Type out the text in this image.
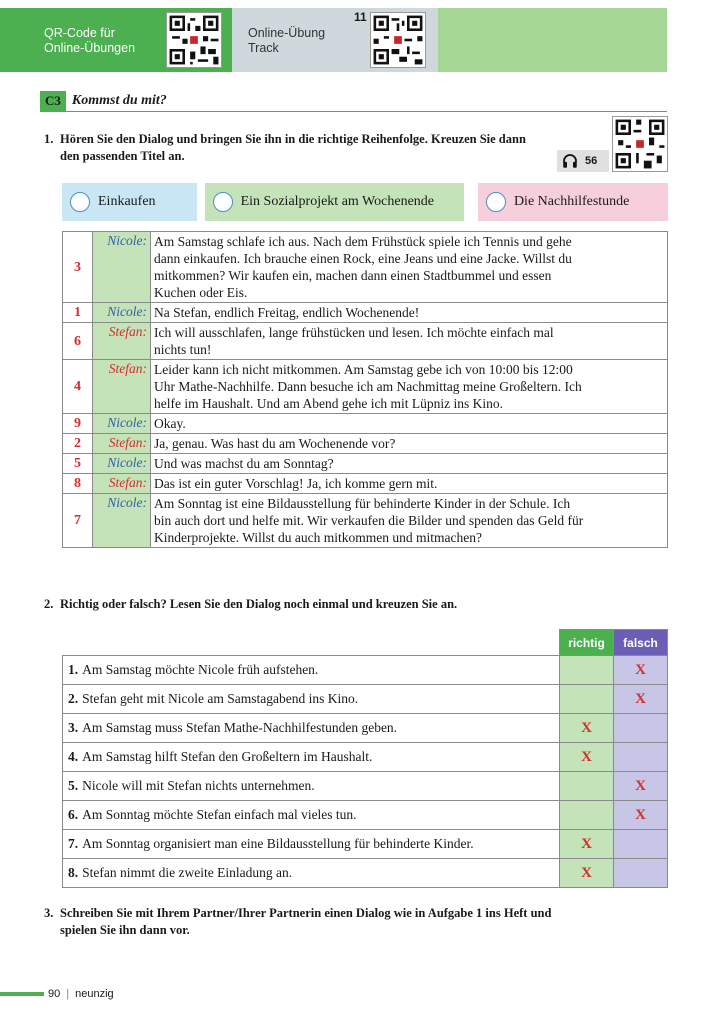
QR-Code für
Online-Übungen
Online-Übung
Track
11
C3 Kommst du mit?
1. Hören Sie den Dialog und bringen Sie ihn in die richtige Reihenfolge. Kreuzen Sie dann
den passenden Titel an.	56
Einkaufen	Ein Sozialprojekt am Wochenende	Die Nachhilfestunde
3	Nicole:	Am Samstag schlafe ich aus. Nach dem Frühstück spiele ich Tennis und gehe
dann einkaufen. Ich brauche einen Rock, eine Jeans und eine Jacke. Willst du
mitkommen? Wir kaufen ein, machen dann einen Stadtbummel und essen
Kuchen oder Eis.

1	Nicole:	Na Stefan, endlich Freitag, endlich Wochenende!

6	Stefan:	Ich will ausschlafen, lange frühstücken und lesen. Ich möchte einfach mal
nichts tun!

4	Stefan:	Leider kann ich nicht mitkommen. Am Samstag gebe ich von 10:00 bis 12:00
Uhr Mathe-Nachhilfe. Dann besuche ich am Nachmittag meine Großeltern. Ich
helfe im Haushalt. Und am Abend gehe ich mit Lüpniz ins Kino.

9	Nicole:	Okay.

2	Stefan:	Ja, genau. Was hast du am Wochenende vor?

5	Nicole:	Und was machst du am Sonntag?

8	Stefan:	Das ist ein guter Vorschlag! Ja, ich komme gern mit.

7	Nicole:	Am Sonntag ist eine Bildausstellung für behinderte Kinder in der Schule. Ich
bin auch dort und helfe mit. Wir verkaufen die Bilder und spenden das Geld für
Kinderprojekte. Willst du auch mitkommen und mitmachen?
2. Richtig oder falsch? Lesen Sie den Dialog noch einmal und kreuzen Sie an.
	richtig	falsch
1. Am Samstag möchte Nicole früh aufstehen.		X
2. Stefan geht mit Nicole am Samstagabend ins Kino.		X
3. Am Samstag muss Stefan Mathe-Nachhilfestunden geben.	X	
4. Am Samstag hilft Stefan den Großeltern im Haushalt.	X	
5. Nicole will mit Stefan nichts unternehmen.		X
6. Am Sonntag möchte Stefan einfach mal vieles tun.		X
7. Am Sonntag organisiert man eine Bildausstellung für behinderte Kinder.	X	
8. Stefan nimmt die zweite Einladung an.	X	
3. Schreiben Sie mit Ihrem Partner/Ihrer Partnerin einen Dialog wie in Aufgabe 1 ins Heft und
spielen Sie ihn dann vor.
90 | neunzig
